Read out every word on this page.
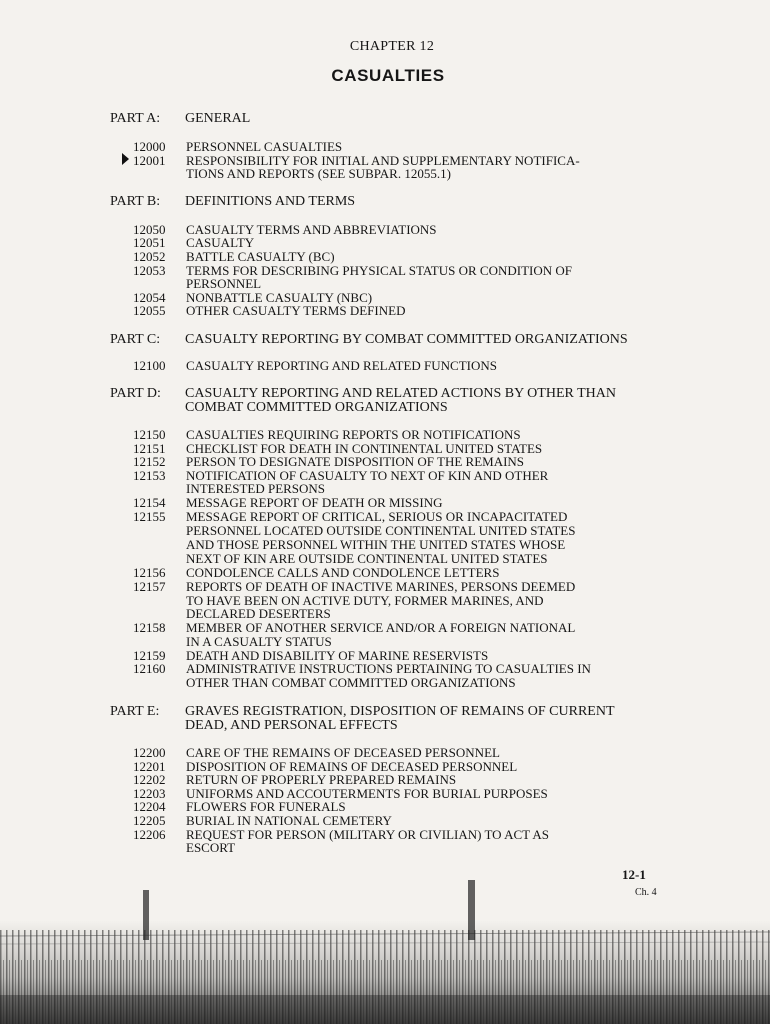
CHAPTER 12
CASUALTIES
PART A: GENERAL
12000 PERSONNEL CASUALTIES
12001 RESPONSIBILITY FOR INITIAL AND SUPPLEMENTARY NOTIFICA-
TIONS AND REPORTS (SEE SUBPAR. 12055.1)
PART B: DEFINITIONS AND TERMS
12050 CASUALTY TERMS AND ABBREVIATIONS
12051 CASUALTY
12052 BATTLE CASUALTY (BC)
12053 TERMS FOR DESCRIBING PHYSICAL STATUS OR CONDITION OF
PERSONNEL
12054 NONBATTLE CASUALTY (NBC)
12055 OTHER CASUALTY TERMS DEFINED
PART C: CASUALTY REPORTING BY COMBAT COMMITTED ORGANIZATIONS
12100 CASUALTY REPORTING AND RELATED FUNCTIONS
PART D: CASUALTY REPORTING AND RELATED ACTIONS BY OTHER THAN
COMBAT COMMITTED ORGANIZATIONS
12150 CASUALTIES REQUIRING REPORTS OR NOTIFICATIONS
12151 CHECKLIST FOR DEATH IN CONTINENTAL UNITED STATES
12152 PERSON TO DESIGNATE DISPOSITION OF THE REMAINS
12153 NOTIFICATION OF CASUALTY TO NEXT OF KIN AND OTHER
INTERESTED PERSONS
12154 MESSAGE REPORT OF DEATH OR MISSING
12155 MESSAGE REPORT OF CRITICAL, SERIOUS OR INCAPACITATED
PERSONNEL LOCATED OUTSIDE CONTINENTAL UNITED STATES
AND THOSE PERSONNEL WITHIN THE UNITED STATES WHOSE
NEXT OF KIN ARE OUTSIDE CONTINENTAL UNITED STATES
12156 CONDOLENCE CALLS AND CONDOLENCE LETTERS
12157 REPORTS OF DEATH OF INACTIVE MARINES, PERSONS DEEMED
TO HAVE BEEN ON ACTIVE DUTY, FORMER MARINES, AND
DECLARED DESERTERS
12158 MEMBER OF ANOTHER SERVICE AND/OR A FOREIGN NATIONAL
IN A CASUALTY STATUS
12159 DEATH AND DISABILITY OF MARINE RESERVISTS
12160 ADMINISTRATIVE INSTRUCTIONS PERTAINING TO CASUALTIES IN
OTHER THAN COMBAT COMMITTED ORGANIZATIONS
PART E: GRAVES REGISTRATION, DISPOSITION OF REMAINS OF CURRENT
DEAD, AND PERSONAL EFFECTS
12200 CARE OF THE REMAINS OF DECEASED PERSONNEL
12201 DISPOSITION OF REMAINS OF DECEASED PERSONNEL
12202 RETURN OF PROPERLY PREPARED REMAINS
12203 UNIFORMS AND ACCOUTERMENTS FOR BURIAL PURPOSES
12204 FLOWERS FOR FUNERALS
12205 BURIAL IN NATIONAL CEMETERY
12206 REQUEST FOR PERSON (MILITARY OR CIVILIAN) TO ACT AS
ESCORT
